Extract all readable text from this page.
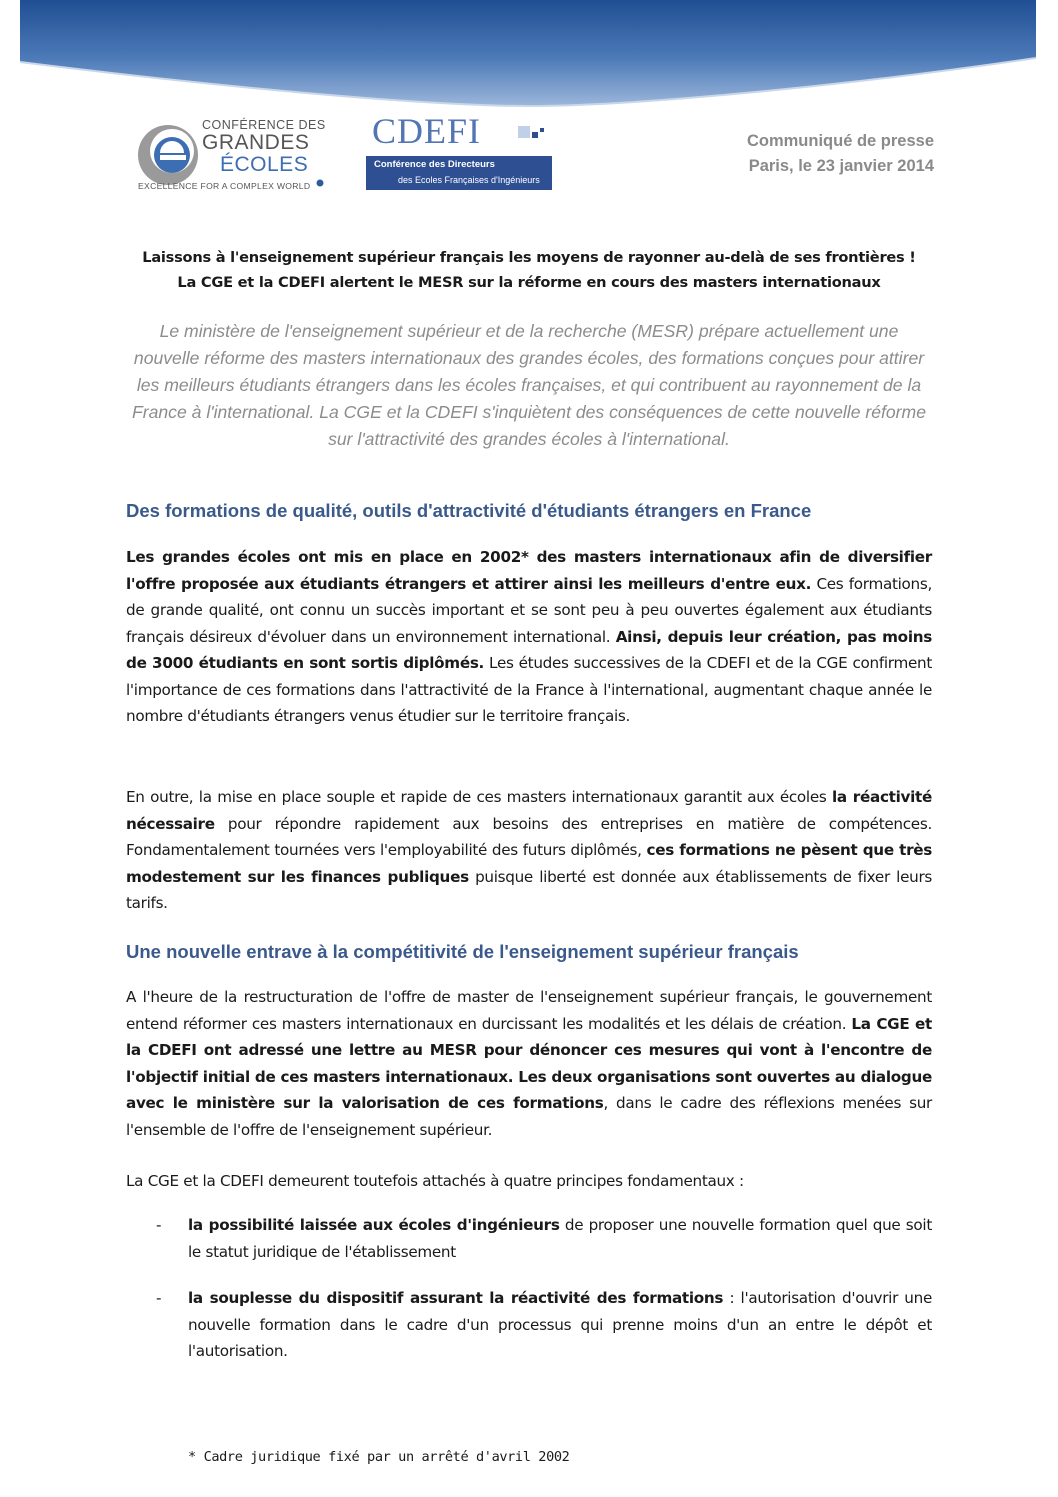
CONFÉRENCE DES
GRANDES
ÉCOLES
EXCELLENCE FOR A COMPLEX WORLD
CDEFI
Conférence des Directeurs
des Ecoles Françaises d'Ingénieurs
Communiqué de presse
Paris, le 23 janvier 2014
Laissons à l'enseignement supérieur français les moyens de rayonner au-delà de ses frontières !
La CGE et la CDEFI alertent le MESR sur la réforme en cours des masters internationaux
Le ministère de l'enseignement supérieur et de la recherche (MESR) prépare actuellement une nouvelle réforme des masters internationaux des grandes écoles, des formations conçues pour attirer les meilleurs étudiants étrangers dans les écoles françaises, et qui contribuent au rayonnement de la France à l'international. La CGE et la CDEFI s'inquiètent des conséquences de cette nouvelle réforme sur l'attractivité des grandes écoles à l'international.
Des formations de qualité, outils d'attractivité d'étudiants étrangers en France
Les grandes écoles ont mis en place en 2002* des masters internationaux afin de diversifier l'offre proposée aux étudiants étrangers et attirer ainsi les meilleurs d'entre eux. Ces formations, de grande qualité, ont connu un succès important et se sont peu à peu ouvertes également aux étudiants français désireux d'évoluer dans un environnement international. Ainsi, depuis leur création, pas moins de 3000 étudiants en sont sortis diplômés. Les études successives de la CDEFI et de la CGE confirment l'importance de ces formations dans l'attractivité de la France à l'international, augmentant chaque année le nombre d'étudiants étrangers venus étudier sur le territoire français.
En outre, la mise en place souple et rapide de ces masters internationaux garantit aux écoles la réactivité nécessaire pour répondre rapidement aux besoins des entreprises en matière de compétences. Fondamentalement tournées vers l'employabilité des futurs diplômés, ces formations ne pèsent que très modestement sur les finances publiques puisque liberté est donnée aux établissements de fixer leurs tarifs.
Une nouvelle entrave à la compétitivité de l'enseignement supérieur français
A l'heure de la restructuration de l'offre de master de l'enseignement supérieur français, le gouvernement entend réformer ces masters internationaux en durcissant les modalités et les délais de création. La CGE et la CDEFI ont adressé une lettre au MESR pour dénoncer ces mesures qui vont à l'encontre de l'objectif initial de ces masters internationaux. Les deux organisations sont ouvertes au dialogue avec le ministère sur la valorisation de ces formations, dans le cadre des réflexions menées sur l'ensemble de l'offre de l'enseignement supérieur.
La CGE et la CDEFI demeurent toutefois attachés à quatre principes fondamentaux :
- la possibilité laissée aux écoles d'ingénieurs de proposer une nouvelle formation quel que soit le statut juridique de l'établissement
- la souplesse du dispositif assurant la réactivité des formations : l'autorisation d'ouvrir une nouvelle formation dans le cadre d'un processus qui prenne moins d'un an entre le dépôt et l'autorisation.
* Cadre juridique fixé par un arrêté d'avril 2002
